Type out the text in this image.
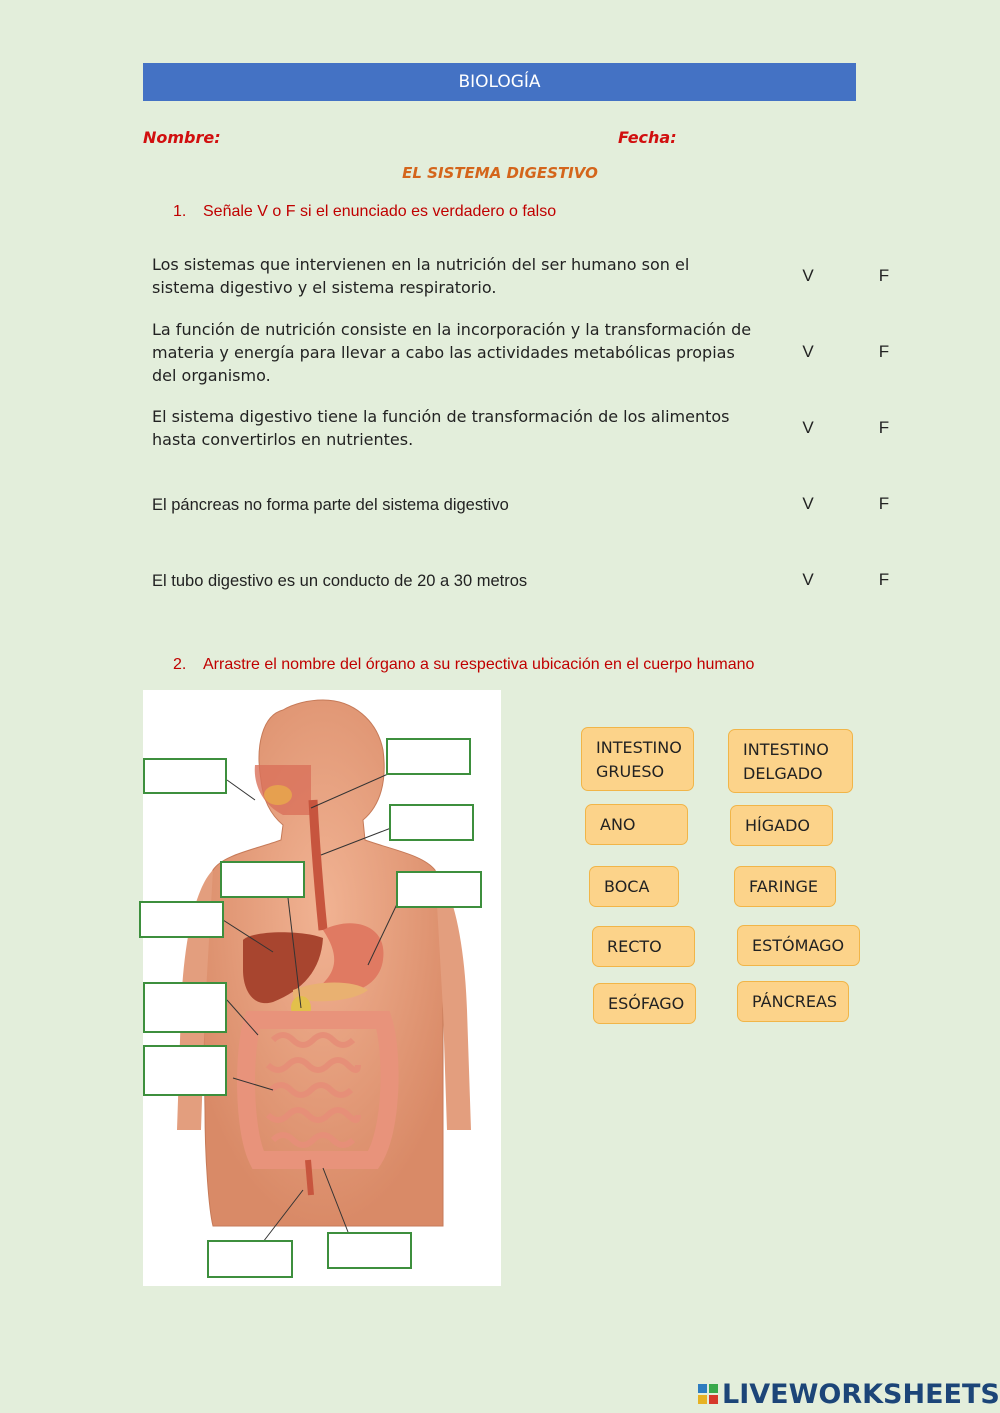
BIOLOGÍA
Nombre:	Fecha:
EL SISTEMA DIGESTIVO
1. Señale V o F si el enunciado es verdadero o falso
Los sistemas que intervienen en la nutrición del ser humano son el sistema digestivo y el sistema respiratorio.
V	F
La función de nutrición consiste en la incorporación y la transformación de materia y energía para llevar a cabo las actividades metabólicas propias del organismo.
V	F
El sistema digestivo tiene la función de transformación de los alimentos hasta convertirlos en nutrientes.
V	F
El páncreas no forma parte del sistema digestivo	V	F
El tubo digestivo es un conducto de 20 a 30 metros	V	F
2. Arrastre el nombre del órgano a su respectiva ubicación en el cuerpo humano
INTESTINO GRUESO
INTESTINO DELGADO
ANO	HÍGADO
BOCA	FARINGE
RECTO	ESTÓMAGO
ESÓFAGO	PÁNCREAS
LIVEWORKSHEETS
